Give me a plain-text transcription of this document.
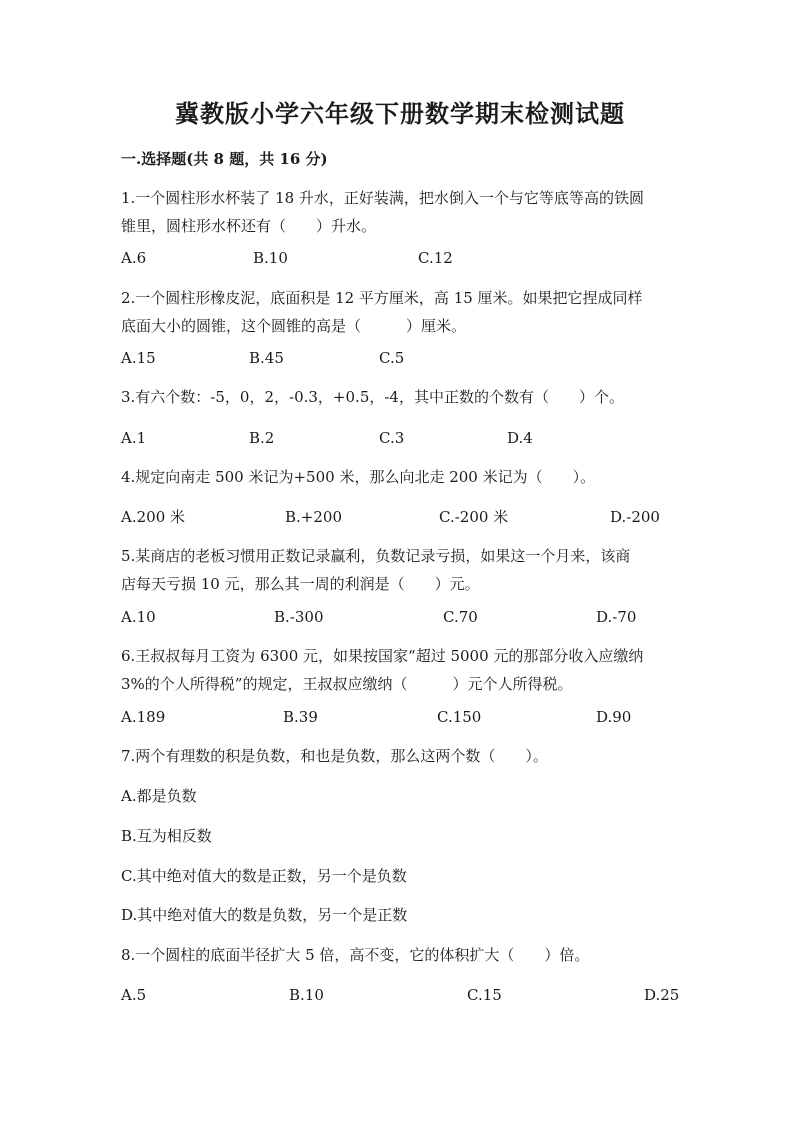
冀教版小学六年级下册数学期末检测试题
一.选择题(共 8 题，共 16 分)
1.一个圆柱形水杯装了 18 升水，正好装满，把水倒入一个与它等底等高的铁圆
锥里，圆柱形水杯还有（　　）升水。
A.6	B.10	C.12
2.一个圆柱形橡皮泥，底面积是 12 平方厘米，高 15 厘米。如果把它捏成同样
底面大小的圆锥，这个圆锥的高是（　　　）厘米。
A.15	B.45	C.5
3.有六个数：-5，0，2，-0.3，+0.5，-4，其中正数的个数有（　　）个。
A.1	B.2	C.3	D.4
4.规定向南走 500 米记为+500 米，那么向北走 200 米记为（　　）。
A.200 米	B.+200	C.-200 米	D.-200
5.某商店的老板习惯用正数记录赢利，负数记录亏损，如果这一个月来，该商
店每天亏损 10 元，那么其一周的利润是（　　）元。
A.10	B.-300	C.70	D.-70
6.王叔叔每月工资为 6300 元，如果按国家“超过 5000 元的那部分收入应缴纳
3%的个人所得税”的规定，王叔叔应缴纳（　　　）元个人所得税。
A.189	B.39	C.150	D.90
7.两个有理数的积是负数，和也是负数，那么这两个数（　　）。
A.都是负数
B.互为相反数
C.其中绝对值大的数是正数，另一个是负数
D.其中绝对值大的数是负数，另一个是正数
8.一个圆柱的底面半径扩大 5 倍，高不变，它的体积扩大（　　）倍。
A.5	B.10	C.15	D.25
